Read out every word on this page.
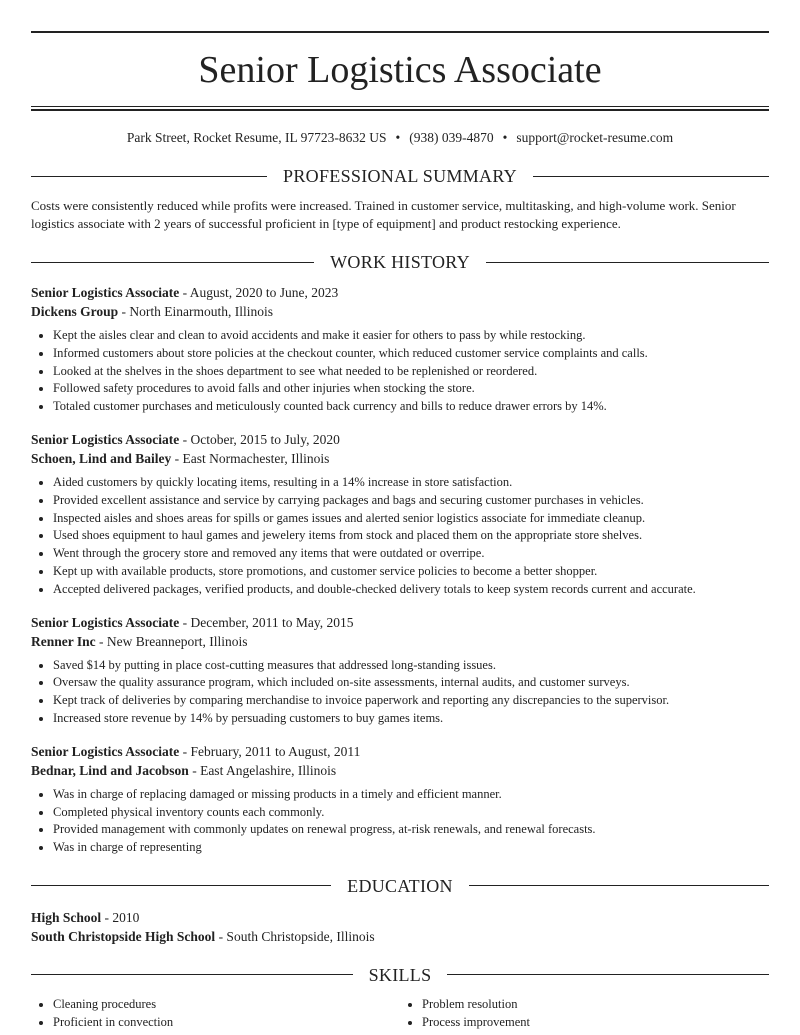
Senior Logistics Associate
Park Street, Rocket Resume, IL 97723-8632 US • (938) 039-4870 • support@rocket-resume.com
PROFESSIONAL SUMMARY
Costs were consistently reduced while profits were increased. Trained in customer service, multitasking, and high-volume work. Senior logistics associate with 2 years of successful proficient in [type of equipment] and product restocking experience.
WORK HISTORY
Senior Logistics Associate - August, 2020 to June, 2023
Dickens Group - North Einarmouth, Illinois
• Kept the aisles clear and clean to avoid accidents and make it easier for others to pass by while restocking.
• Informed customers about store policies at the checkout counter, which reduced customer service complaints and calls.
• Looked at the shelves in the shoes department to see what needed to be replenished or reordered.
• Followed safety procedures to avoid falls and other injuries when stocking the store.
• Totaled customer purchases and meticulously counted back currency and bills to reduce drawer errors by 14%.
Senior Logistics Associate - October, 2015 to July, 2020
Schoen, Lind and Bailey - East Normachester, Illinois
• Aided customers by quickly locating items, resulting in a 14% increase in store satisfaction.
• Provided excellent assistance and service by carrying packages and bags and securing customer purchases in vehicles.
• Inspected aisles and shoes areas for spills or games issues and alerted senior logistics associate for immediate cleanup.
• Used shoes equipment to haul games and jewelery items from stock and placed them on the appropriate store shelves.
• Went through the grocery store and removed any items that were outdated or overripe.
• Kept up with available products, store promotions, and customer service policies to become a better shopper.
• Accepted delivered packages, verified products, and double-checked delivery totals to keep system records current and accurate.
Senior Logistics Associate - December, 2011 to May, 2015
Renner Inc - New Breanneport, Illinois
• Saved $14 by putting in place cost-cutting measures that addressed long-standing issues.
• Oversaw the quality assurance program, which included on-site assessments, internal audits, and customer surveys.
• Kept track of deliveries by comparing merchandise to invoice paperwork and reporting any discrepancies to the supervisor.
• Increased store revenue by 14% by persuading customers to buy games items.
Senior Logistics Associate - February, 2011 to August, 2011
Bednar, Lind and Jacobson - East Angelashire, Illinois
• Was in charge of replacing damaged or missing products in a timely and efficient manner.
• Completed physical inventory counts each commonly.
• Provided management with commonly updates on renewal progress, at-risk renewals, and renewal forecasts.
• Was in charge of representing
EDUCATION
High School - 2010
South Christopside High School - South Christopside, Illinois
SKILLS
• Cleaning procedures
• Proficient in convection
• Problem resolution
• Process improvement
